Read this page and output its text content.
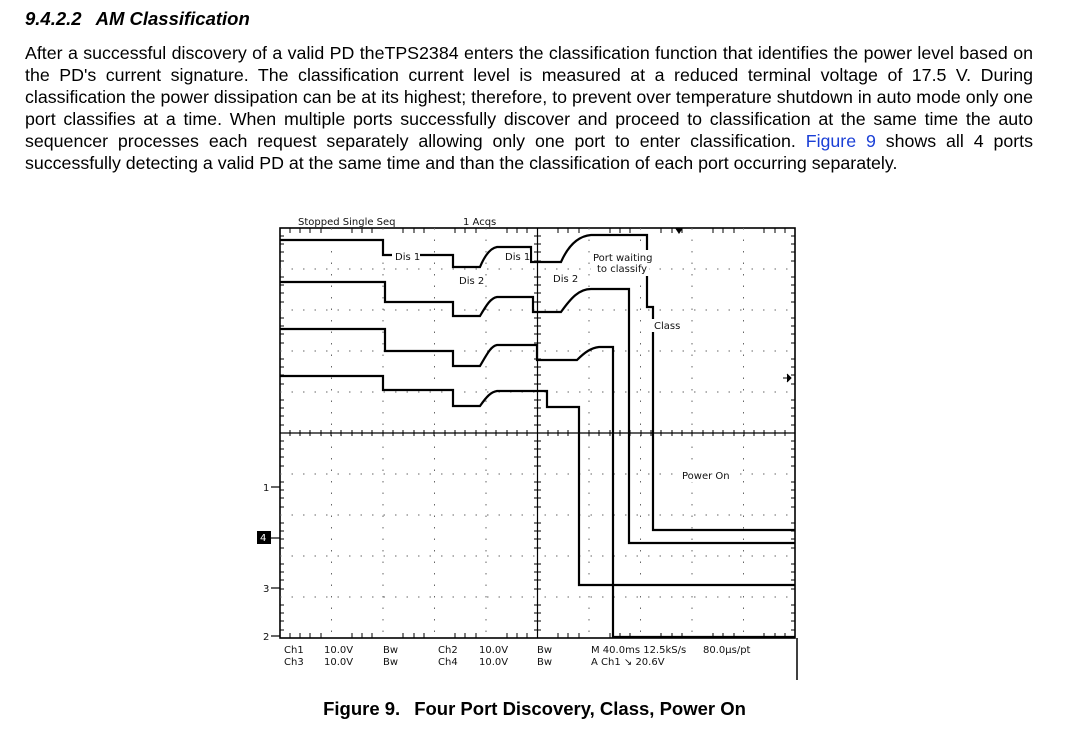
9.4.2.2 AM Classification
After a successful discovery of a valid PD theTPS2384 enters the classification function that identifies the power level based on the PD's current signature. The classification current level is measured at a reduced terminal voltage of 17.5 V. During classification the power dissipation can be at its highest; therefore, to prevent over temperature shutdown in auto mode only one port classifies at a time. When multiple ports successfully discover and proceed to classification at the same time the auto sequencer processes each request separately allowing only one port to enter classification. Figure 9 shows all 4 ports successfully detecting a valid PD at the same time and than the classification of each port occurring separately.
Stopped Single Seq	1 Acqs
Dis 1
Dis 2
Dis 1
Dis 2
Port waiting
to classify
Class
Power On
1
4
3
2
Ch1 10.0V	Bw
Ch3 10.0V	Bw
Ch2 10.0V	Bw
Ch4 10.0V	Bw
M 40.0ms 12.5kS/s
A Ch1 ↘ 20.6V
80.0µs/pt
Figure 9. Four Port Discovery, Class, Power On
